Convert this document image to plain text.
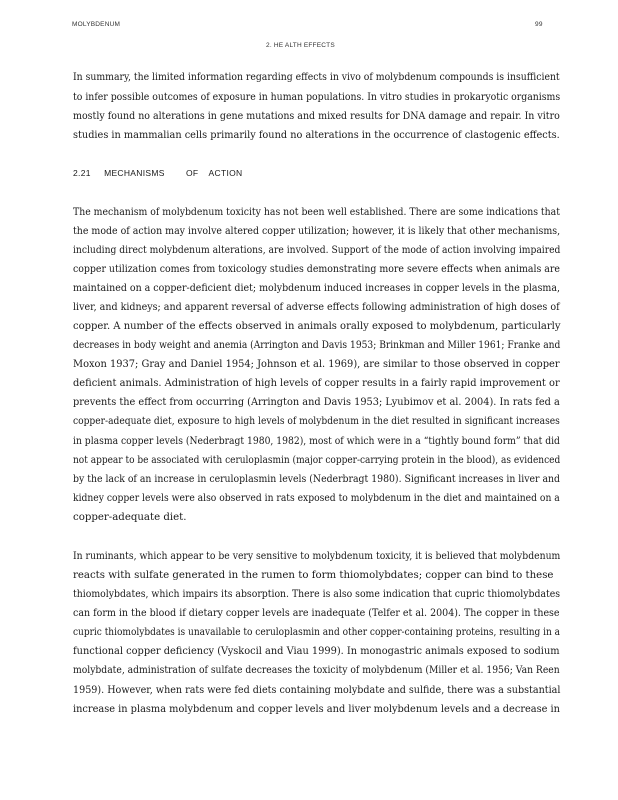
MOLYBDENUM	99
2. HE ALTH EFFECTS
In summary, the limited information regarding effects in vivo of molybdenum compounds is insufficient
to infer possible outcomes of exposure in human populations. In vitro studies in prokaryotic organisms
mostly found no alterations in gene mutations and mixed results for DNA damage and repair. In vitro
studies in mammalian cells primarily found no alterations in the occurrence of clastogenic effects.
2.21 MECHANISMS        OF    ACTION
The mechanism of molybdenum toxicity has not been well established. There are some indications that
the mode of action may involve altered copper utilization; however, it is likely that other mechanisms,
including direct molybdenum alterations, are involved. Support of the mode of action involving impaired
copper utilization comes from toxicology studies demonstrating more severe effects when animals are
maintained on a copper-deficient diet; molybdenum induced increases in copper levels in the plasma,
liver, and kidneys; and apparent reversal of adverse effects following administration of high doses of
copper. A number of the effects observed in animals orally exposed to molybdenum, particularly
decreases in body weight and anemia (Arrington and Davis 1953; Brinkman and Miller 1961; Franke and
Moxon 1937; Gray and Daniel 1954; Johnson et al. 1969), are similar to those observed in copper
deficient animals. Administration of high levels of copper results in a fairly rapid improvement or
prevents the effect from occurring (Arrington and Davis 1953; Lyubimov et al. 2004). In rats fed a
copper-adequate diet, exposure to high levels of molybdenum in the diet resulted in significant increases
in plasma copper levels (Nederbragt 1980, 1982), most of which were in a “tightly bound form” that did
not appear to be associated with ceruloplasmin (major copper-carrying protein in the blood), as evidenced
by the lack of an increase in ceruloplasmin levels (Nederbragt 1980). Significant increases in liver and
kidney copper levels were also observed in rats exposed to molybdenum in the diet and maintained on a
copper-adequate diet.
In ruminants, which appear to be very sensitive to molybdenum toxicity, it is believed that molybdenum
reacts with sulfate generated in the rumen to form thiomolybdates; copper can bind to these
thiomolybdates, which impairs its absorption. There is also some indication that cupric thiomolybdates
can form in the blood if dietary copper levels are inadequate (Telfer et al. 2004). The copper in these
cupric thiomolybdates is unavailable to ceruloplasmin and other copper-containing proteins, resulting in a
functional copper deficiency (Vyskocil and Viau 1999). In monogastric animals exposed to sodium
molybdate, administration of sulfate decreases the toxicity of molybdenum (Miller et al. 1956; Van Reen
1959). However, when rats were fed diets containing molybdate and sulfide, there was a substantial
increase in plasma molybdenum and copper levels and liver molybdenum levels and a decrease in
